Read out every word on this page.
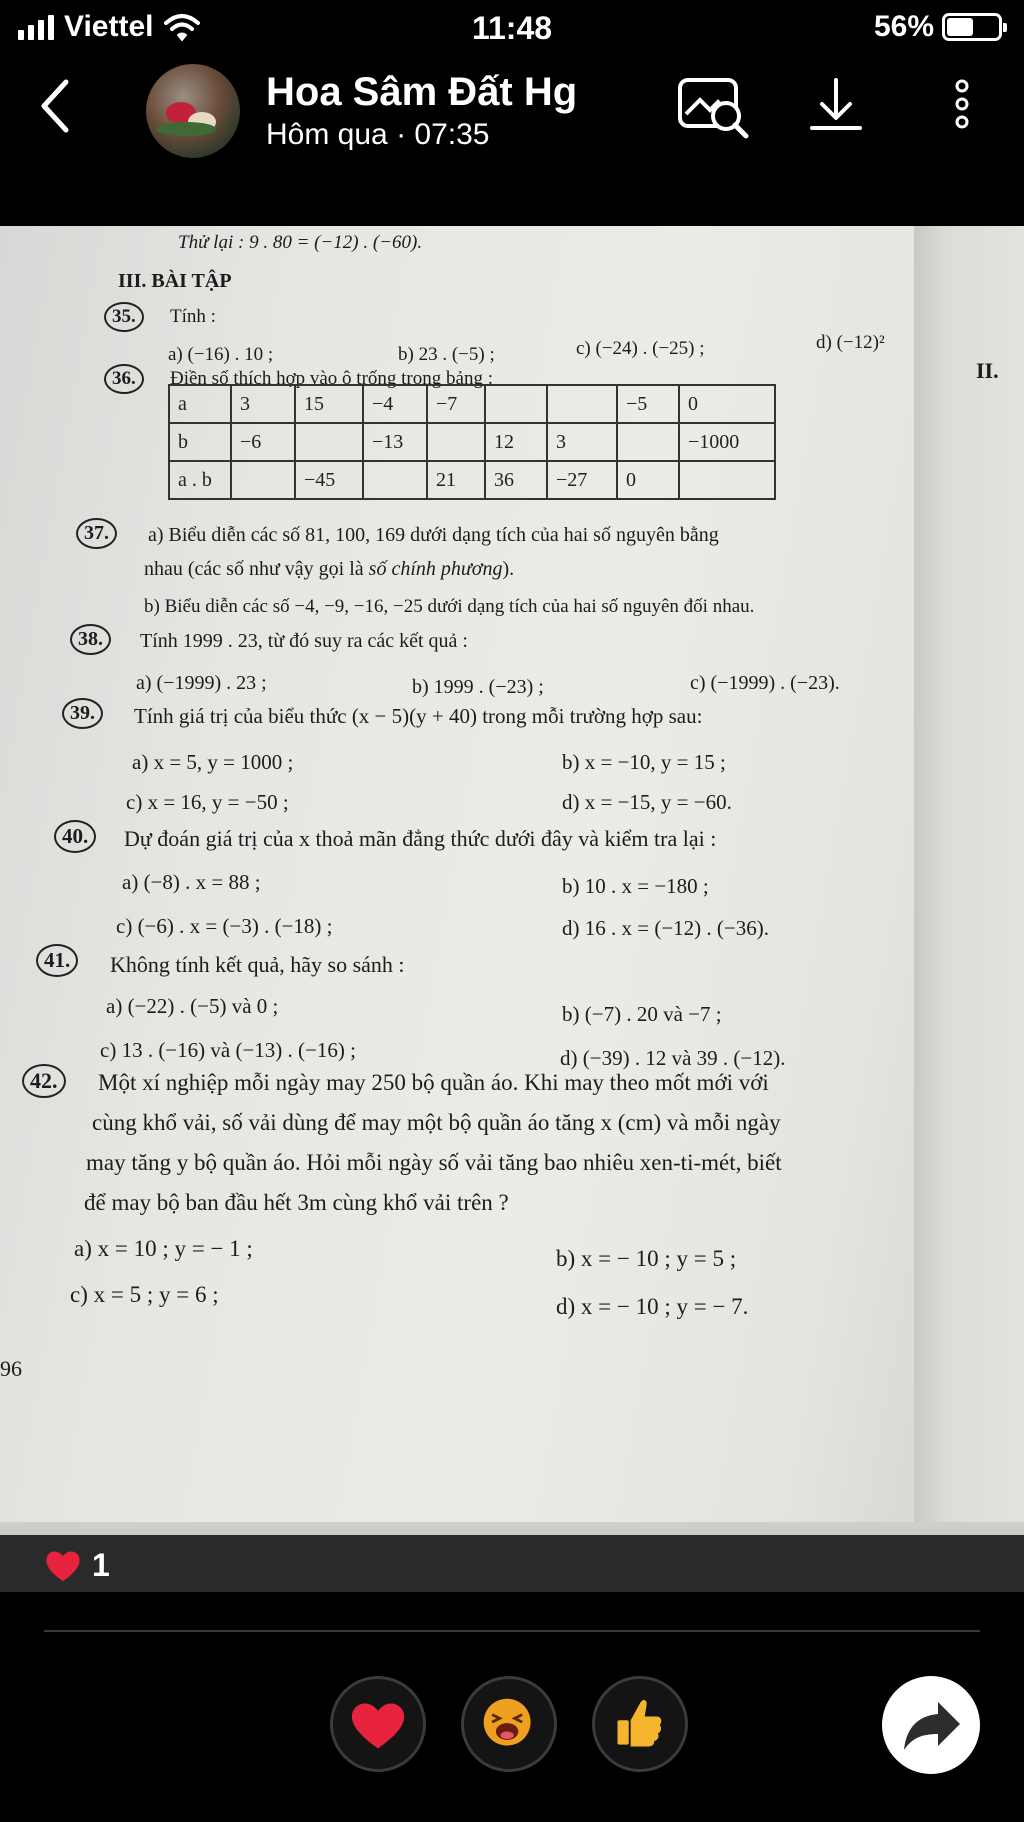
Viettel	11:48	56%
Hoa Sâm Đất Hg
Hôm qua · 07:35
Thử lại : 9 . 80 = (−12) . (−60).
III. BÀI TẬP
II.
35.	Tính :
a) (−16) . 10 ;	b) 23 . (−5) ;	c) (−24) . (−25) ;	d) (−12)²
36.	Điền số thích hợp vào ô trống trong bảng :
a	3	15	−4	−7			−5	0
b	−6		−13		12	3		−1000
a . b		−45		21	36	−27	0	
37.	a) Biểu diễn các số 81, 100, 169 dưới dạng tích của hai số nguyên bằng
nhau (các số như vậy gọi là số chính phương).
b) Biểu diễn các số −4, −9, −16, −25 dưới dạng tích của hai số nguyên đối nhau.
38.	Tính 1999 . 23, từ đó suy ra các kết quả :
a) (−1999) . 23 ;	b) 1999 . (−23) ;	c) (−1999) . (−23).
39.	Tính giá trị của biểu thức (x − 5)(y + 40) trong mỗi trường hợp sau:
a) x = 5, y = 1000 ;	b) x = −10, y = 15 ;
c) x = 16, y = −50 ;	d) x = −15, y = −60.
40.	Dự đoán giá trị của x thoả mãn đẳng thức dưới đây và kiểm tra lại :
a) (−8) . x = 88 ;	b) 10 . x = −180 ;
c) (−6) . x = (−3) . (−18) ;	d) 16 . x = (−12) . (−36).
41.	Không tính kết quả, hãy so sánh :
a) (−22) . (−5) và 0 ;	b) (−7) . 20 và −7 ;
c) 13 . (−16) và (−13) . (−16) ;	d) (−39) . 12 và 39 . (−12).
42.	Một xí nghiệp mỗi ngày may 250 bộ quần áo. Khi may theo mốt mới với
cùng khổ vải, số vải dùng để may một bộ quần áo tăng x (cm) và mỗi ngày
may tăng y bộ quần áo. Hỏi mỗi ngày số vải tăng bao nhiêu xen-ti-mét, biết
để may bộ ban đầu hết 3m cùng khổ vải trên ?
a) x = 10 ; y = − 1 ;	b) x = − 10 ; y = 5 ;
c) x = 5 ; y = 6 ;	d) x = − 10 ; y = − 7.
96
1
